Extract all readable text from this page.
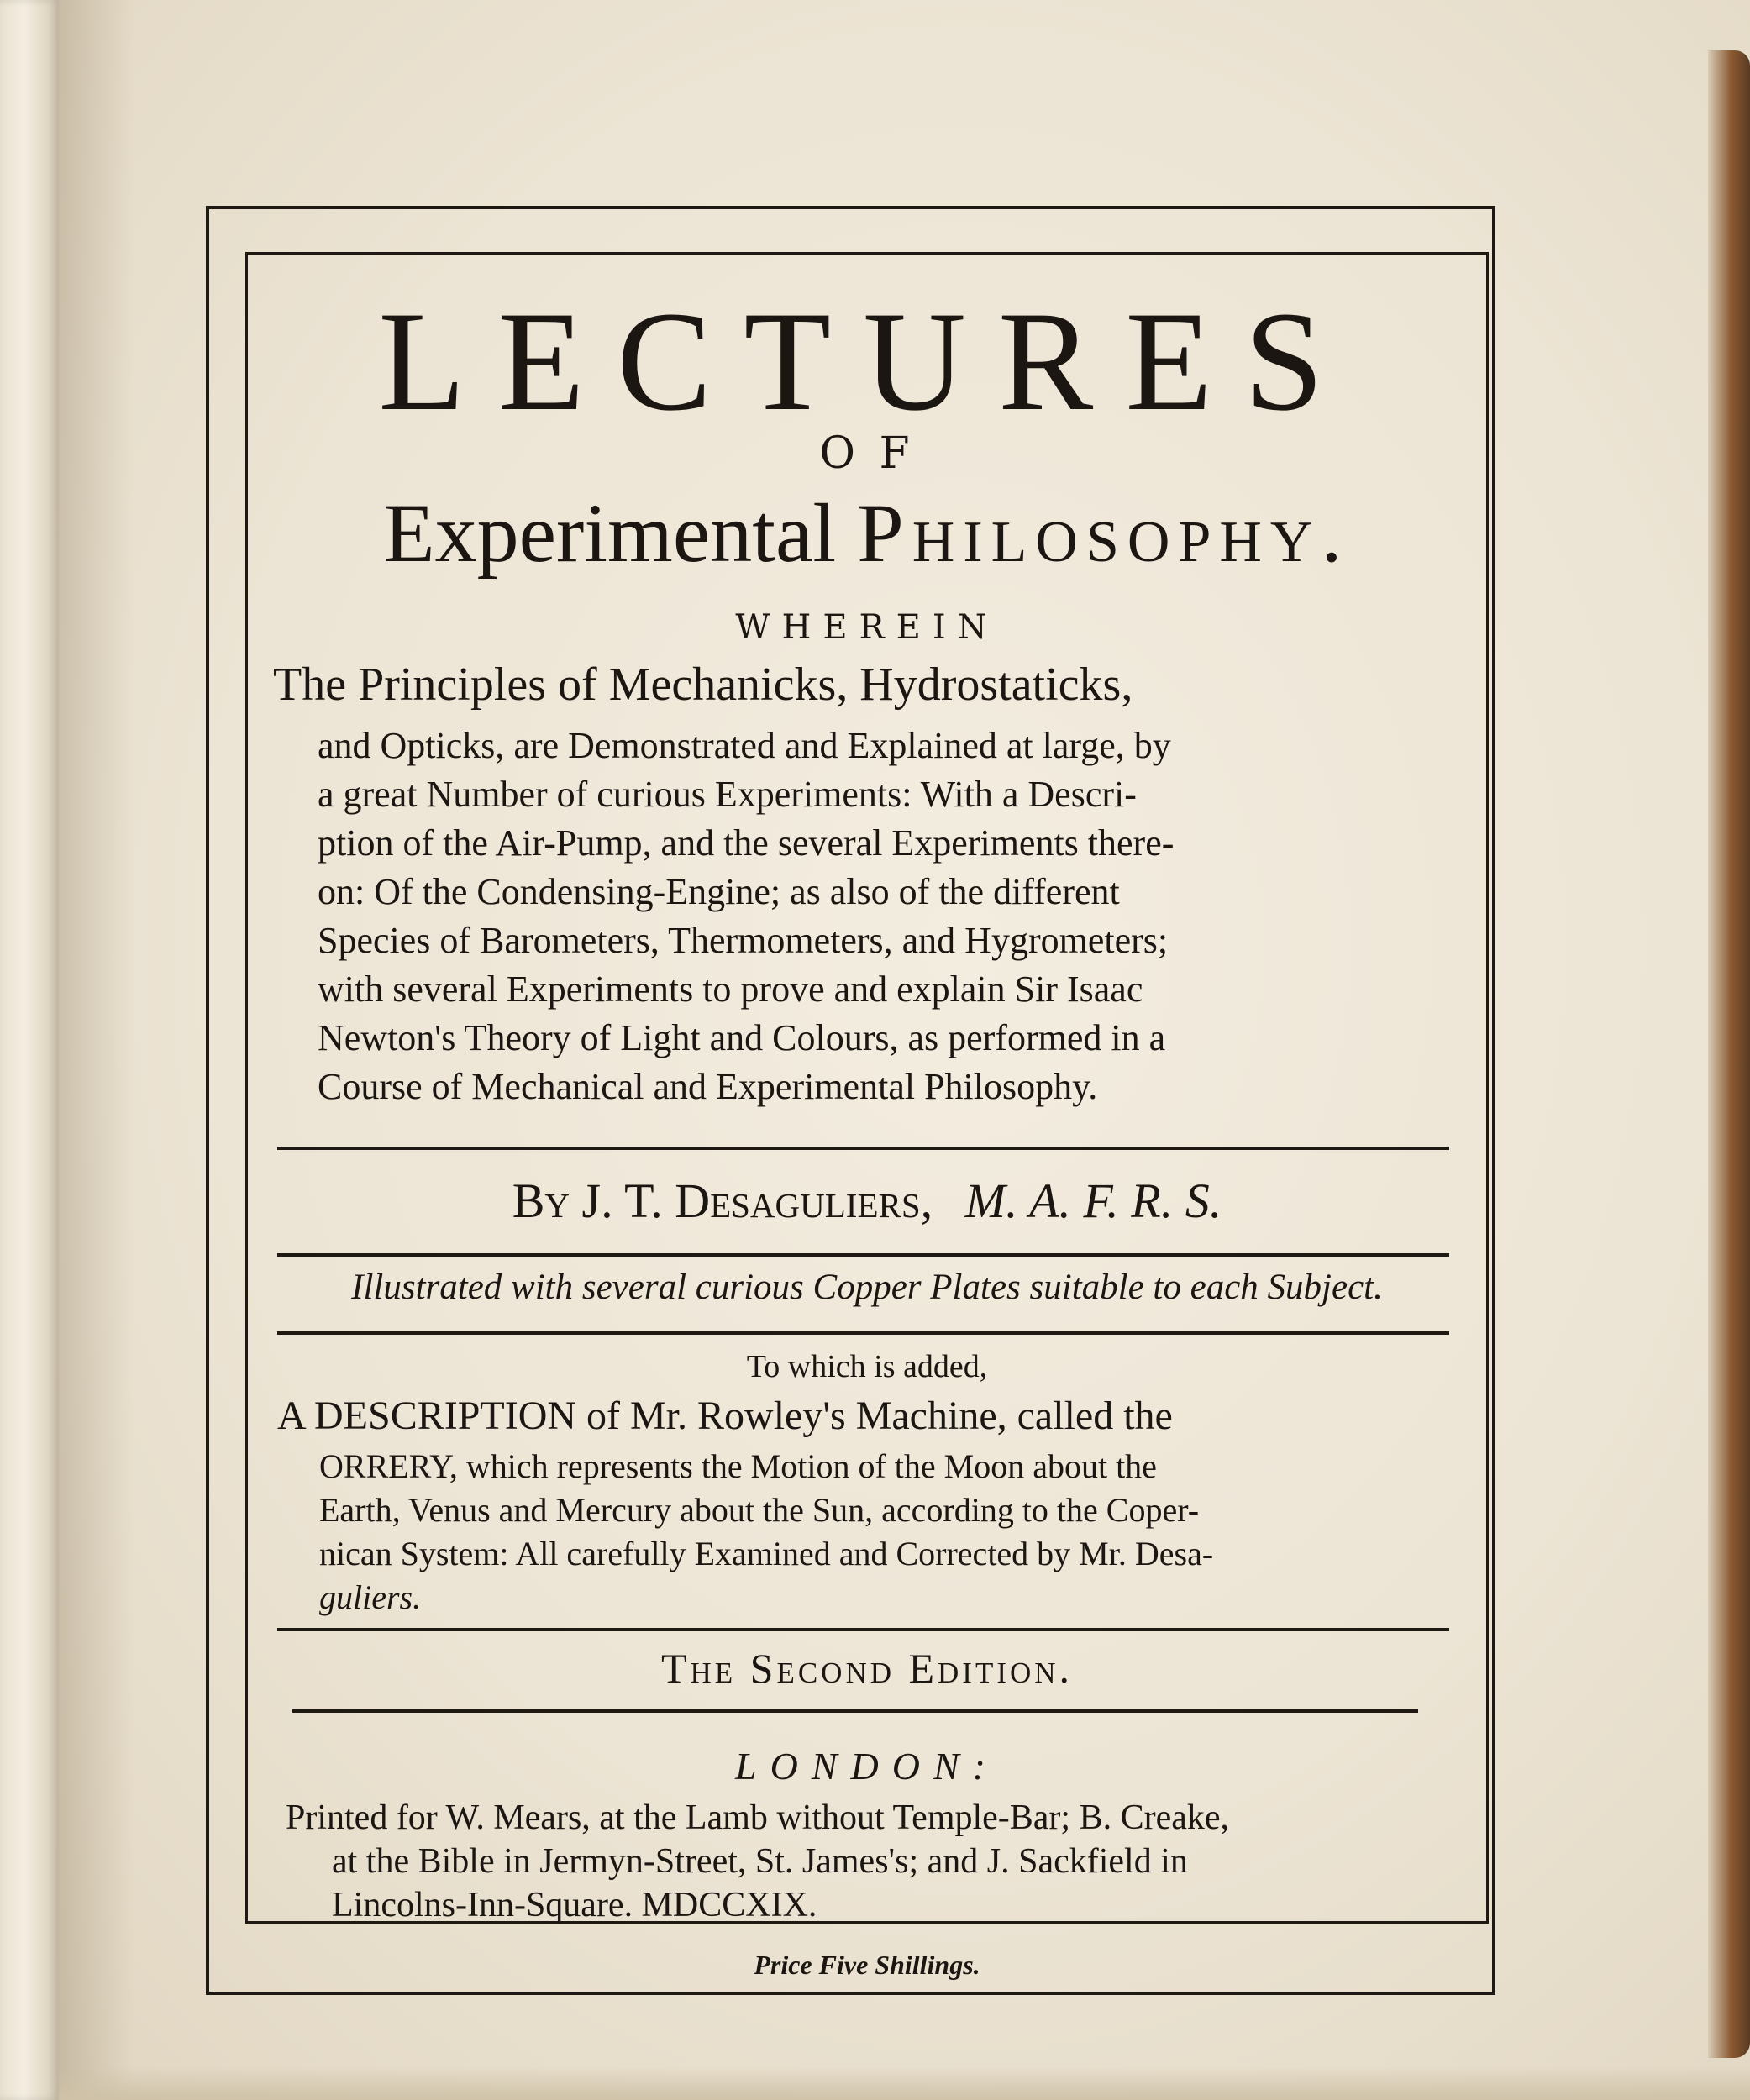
LECTURES
O F
Experimental Philosophy.
WHEREIN
The Principles of Mechanicks, Hydrostaticks,
and Opticks, are Demonstrated and Explained at large, by
a great Number of curious Experiments: With a Descri-
ption of the Air-Pump, and the several Experiments there-
on: Of the Condensing-Engine; as also of the different
Species of Barometers, Thermometers, and Hygrometers;
with several Experiments to prove and explain Sir Isaac
Newton's Theory of Light and Colours, as performed in a
Course of Mechanical and Experimental Philosophy.
By J. T. Desaguliers, M. A. F. R. S.
Illustrated with several curious Copper Plates suitable to each Subject.
To which is added,
A DESCRIPTION of Mr. Rowley's Machine, called the
ORRERY, which represents the Motion of the Moon about the
Earth, Venus and Mercury about the Sun, according to the Coper-
nican System: All carefully Examined and Corrected by Mr. Desa-
guliers.
The Second Edition.
LONDON:
Printed for W. Mears, at the Lamb without Temple-Bar; B. Creake,
at the Bible in Jermyn-Street, St. James's; and J. Sackfield in
Lincolns-Inn-Square. MDCCXIX.
Price Five Shillings.
